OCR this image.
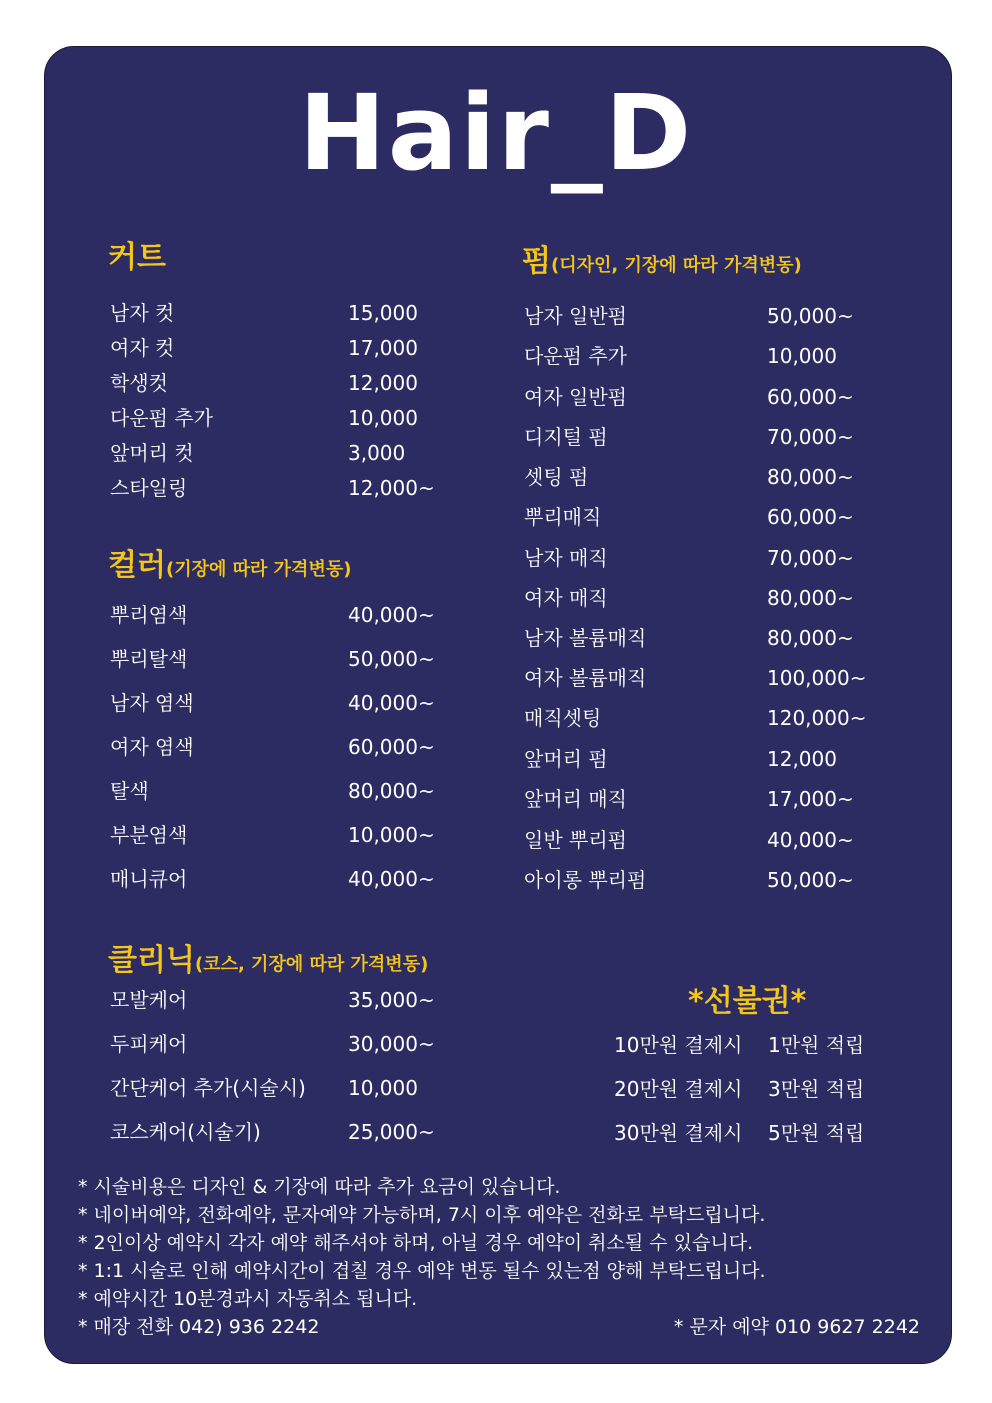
Hair_D
커트
남자 컷	15,000
여자 컷	17,000
학생컷	12,000
다운펌 추가	10,000
앞머리 컷	3,000
스타일링	12,000~
컬러(기장에 따라 가격변동)
뿌리염색	40,000~
뿌리탈색	50,000~
남자 염색	40,000~
여자 염색	60,000~
탈색	80,000~
부분염색	10,000~
매니큐어	40,000~
펌(디자인, 기장에 따라 가격변동)
남자 일반펌	50,000~
다운펌 추가	10,000
여자 일반펌	60,000~
디지털 펌	70,000~
셋팅 펌	80,000~
뿌리매직	60,000~
남자 매직	70,000~
여자 매직	80,000~
남자 볼륨매직	80,000~
여자 볼륨매직	100,000~
매직셋팅	120,000~
앞머리 펌	12,000
앞머리 매직	17,000~
일반 뿌리펌	40,000~
아이롱 뿌리펌	50,000~
클리닉(코스, 기장에 따라 가격변동)
모발케어	35,000~
두피케어	30,000~
간단케어 추가(시술시) 10,000
코스케어(시술기)	25,000~
*선불권*
10만원 결제시 1만원 적립
20만원 결제시 3만원 적립
30만원 결제시 5만원 적립
* 시술비용은 디자인 & 기장에 따라 추가 요금이 있습니다.
* 네이버예약, 전화예약, 문자예약 가능하며, 7시 이후 예약은 전화로 부탁드립니다.
* 2인이상 예약시 각자 예약 해주셔야 하며, 아닐 경우 예약이 취소될 수 있습니다.
* 1:1 시술로 인해 예약시간이 겹칠 경우 예약 변동 될수 있는점 양해 부탁드립니다.
* 예약시간 10분경과시 자동취소 됩니다.
* 매장 전화 042) 936 2242	* 문자 예약 010 9627 2242
